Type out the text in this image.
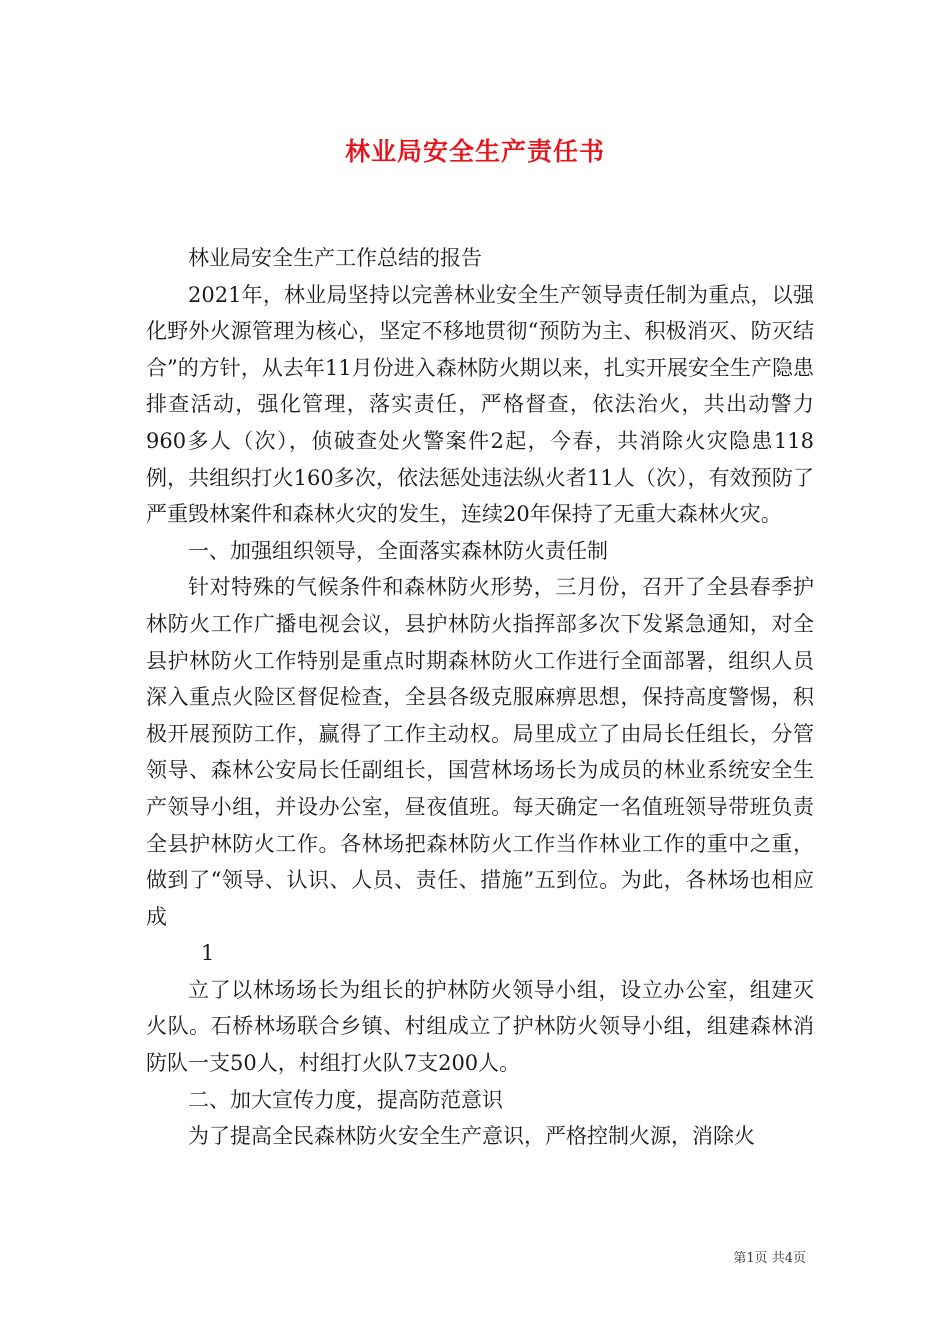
林业局安全生产责任书

林业局安全生产工作总结的报告

2021年，林业局坚持以完善林业安全生产领导责任制为重点，以强化野外火源管理为核心，坚定不移地贯彻“预防为主、积极消灭、防灭结合”的方针，从去年11月份进入森林防火期以来，扎实开展安全生产隐患排查活动，强化管理，落实责任，严格督查，依法治火，共出动警力960多人（次），侦破查处火警案件2起，今春，共消除火灾隐患118例，共组织打火160多次，依法惩处违法纵火者11人（次），有效预防了严重毁林案件和森林火灾的发生，连续20年保持了无重大森林火灾。

一、加强组织领导，全面落实森林防火责任制

针对特殊的气候条件和森林防火形势，三月份，召开了全县春季护林防火工作广播电视会议，县护林防火指挥部多次下发紧急通知，对全县护林防火工作特别是重点时期森林防火工作进行全面部署，组织人员深入重点火险区督促检查，全县各级克服麻痹思想，保持高度警惕，积极开展预防工作，赢得了工作主动权。局里成立了由局长任组长，分管领导、森林公安局长任副组长，国营林场场长为成员的林业系统安全生产领导小组，并设办公室，昼夜值班。每天确定一名值班领导带班负责全县护林防火工作。各林场把森林防火工作当作林业工作的重中之重，做到了“领导、认识、人员、责任、措施”五到位。为此，各林场也相应成

1

立了以林场场长为组长的护林防火领导小组，设立办公室，组建灭火队。石桥林场联合乡镇、村组成立了护林防火领导小组，组建森林消防队一支50人，村组打火队7支200人。

二、加大宣传力度，提高防范意识

为了提高全民森林防火安全生产意识，严格控制火源，消除火

第1页 共4页
